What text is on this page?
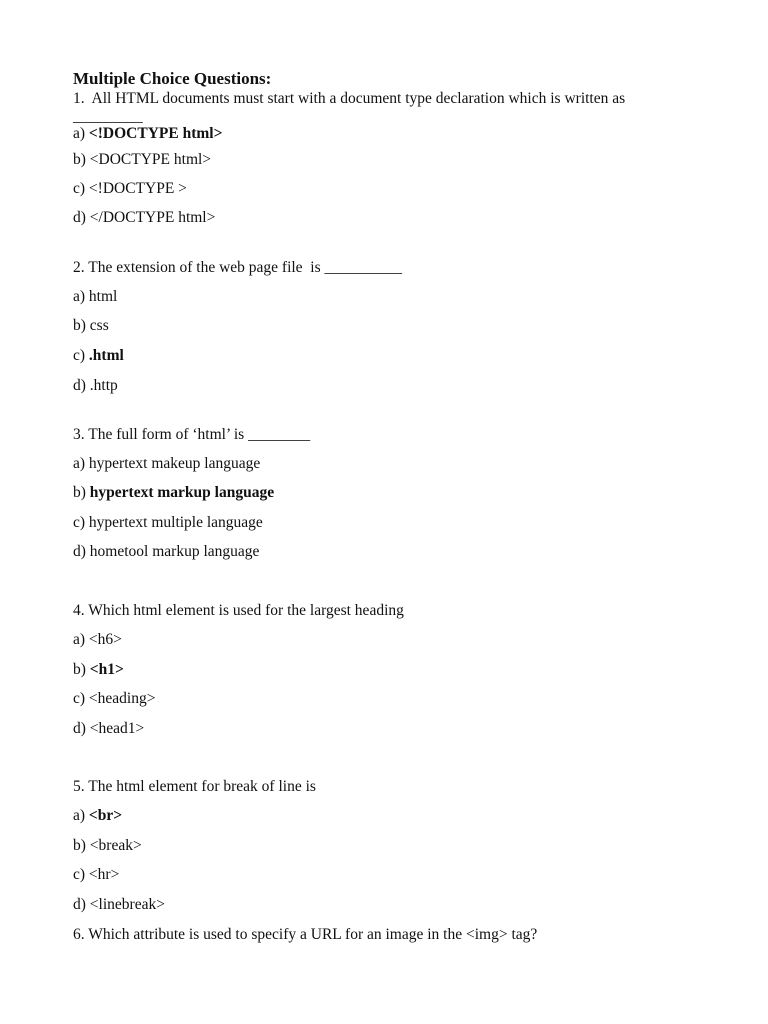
Multiple Choice Questions:
1.  All HTML documents must start with a document type declaration which is written as
_________
a) <!DOCTYPE html>
b) <DOCTYPE html>
c) <!DOCTYPE >
d) </DOCTYPE html>
2. The extension of the web page file  is __________
a) html
b) css
c) .html
d) .http
3. The full form of ‘html’ is ________
a) hypertext makeup language
b) hypertext markup language
c) hypertext multiple language
d) hometool markup language
4. Which html element is used for the largest heading
a) <h6>
b) <h1>
c) <heading>
d) <head1>
5. The html element for break of line is
a) <br>
b) <break>
c) <hr>
d) <linebreak>
6. Which attribute is used to specify a URL for an image in the <img> tag?
